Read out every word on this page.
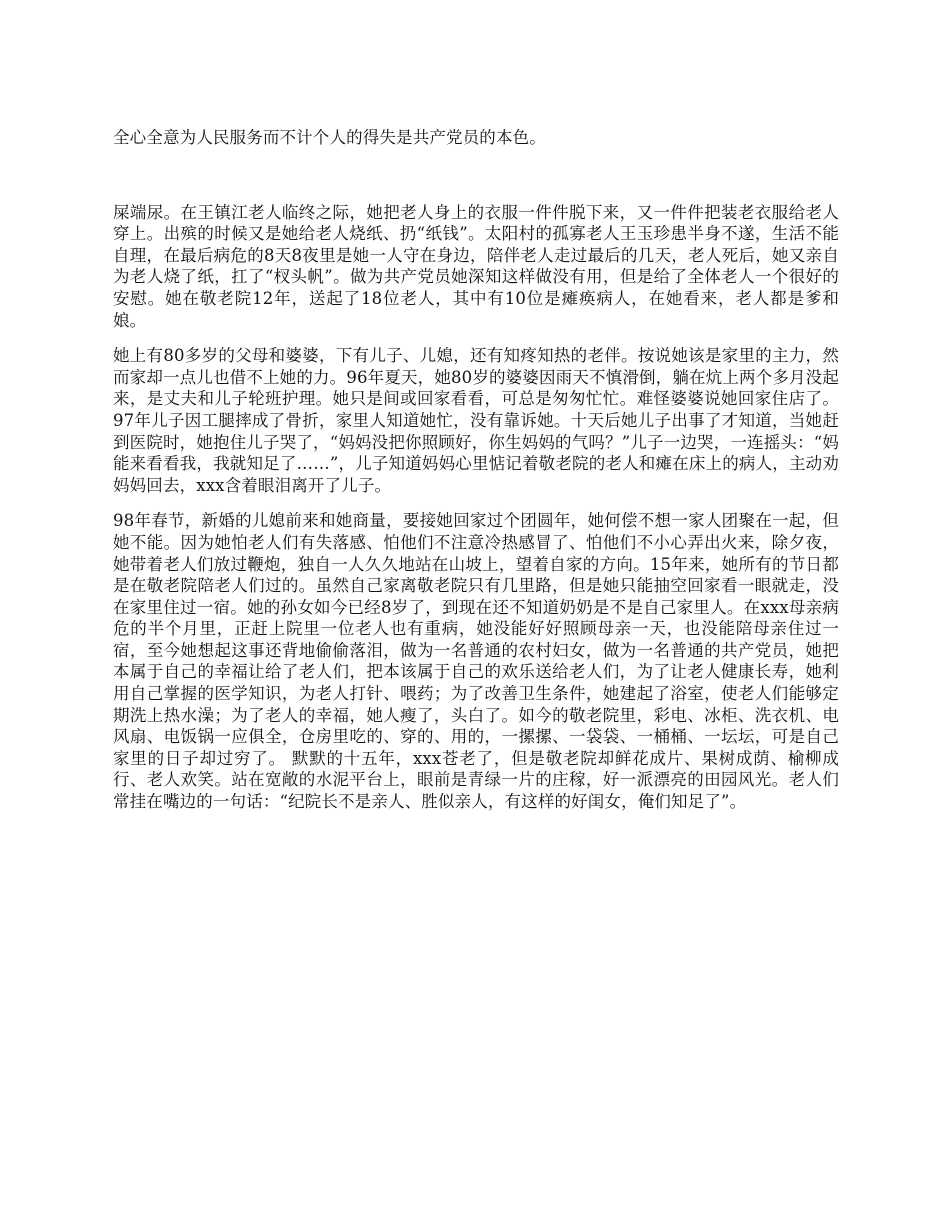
全心全意为人民服务而不计个人的得失是共产党员的本色。

屎端尿。在王镇江老人临终之际，她把老人身上的衣服一件件脱下来，又一件件把装老衣服给老人穿上。出殡的时候又是她给老人烧纸、扔“纸钱”。太阳村的孤寡老人王玉珍患半身不遂，生活不能自理，在最后病危的8天8夜里是她一人守在身边，陪伴老人走过最后的几天，老人死后，她又亲自为老人烧了纸，扛了“杈头帆”。做为共产党员她深知这样做没有用，但是给了全体老人一个很好的安慰。她在敬老院12年，送起了18位老人，其中有10位是瘫痪病人，在她看来，老人都是爹和娘。

她上有80多岁的父母和婆婆，下有儿子、儿媳，还有知疼知热的老伴。按说她该是家里的主力，然而家却一点儿也借不上她的力。96年夏天，她80岁的婆婆因雨天不慎滑倒，躺在炕上两个多月没起来，是丈夫和儿子轮班护理。她只是间或回家看看，可总是匆匆忙忙。难怪婆婆说她回家住店了。97年儿子因工腿摔成了骨折，家里人知道她忙，没有靠诉她。十天后她儿子出事了才知道，当她赶到医院时，她抱住儿子哭了，“妈妈没把你照顾好，你生妈妈的气吗？”儿子一边哭，一连摇头：“妈能来看看我，我就知足了……”，儿子知道妈妈心里惦记着敬老院的老人和瘫在床上的病人，主动劝妈妈回去，xxx含着眼泪离开了儿子。

98年春节，新婚的儿媳前来和她商量，要接她回家过个团圆年，她何偿不想一家人团聚在一起，但她不能。因为她怕老人们有失落感、怕他们不注意冷热感冒了、怕他们不小心弄出火来，除夕夜，她带着老人们放过鞭炮，独自一人久久地站在山坡上，望着自家的方向。15年来，她所有的节日都是在敬老院陪老人们过的。虽然自己家离敬老院只有几里路，但是她只能抽空回家看一眼就走，没在家里住过一宿。她的孙女如今已经8岁了，到现在还不知道奶奶是不是自己家里人。在xxx母亲病危的半个月里，正赶上院里一位老人也有重病，她没能好好照顾母亲一天，也没能陪母亲住过一宿，至今她想起这事还背地偷偷落泪，做为一名普通的农村妇女，做为一名普通的共产党员，她把本属于自己的幸福让给了老人们，把本该属于自己的欢乐送给老人们，为了让老人健康长寿，她利用自己掌握的医学知识，为老人打针、喂药；为了改善卫生条件，她建起了浴室，使老人们能够定期洗上热水澡；为了老人的幸福，她人瘦了，头白了。如今的敬老院里，彩电、冰柜、洗衣机、电风扇、电饭锅一应俱全，仓房里吃的、穿的、用的，一摞摞、一袋袋、一桶桶、一坛坛，可是自己家里的日子却过穷了。 默默的十五年，xxx苍老了，但是敬老院却鲜花成片、果树成荫、榆柳成行、老人欢笑。站在宽敞的水泥平台上，眼前是青绿一片的庄稼，好一派漂亮的田园风光。老人们常挂在嘴边的一句话：“纪院长不是亲人、胜似亲人，有这样的好闺女，俺们知足了”。
